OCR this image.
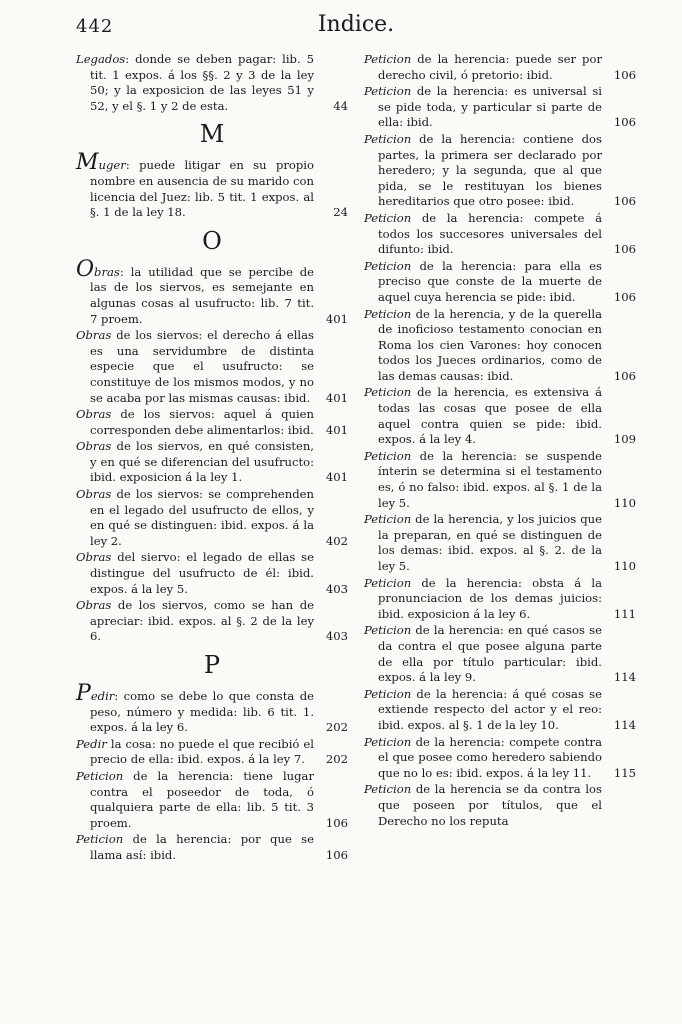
442	Indice.
Legados: donde se deben pagar: lib. 5 tit. 1 expos. á los §§. 2 y 3 de la ley 50; y la exposicion de las leyes 51 y 52, y el §. 1 y 2 de esta.	44
M
Muger: puede litigar en su propio nombre en ausencia de su marido con licencia del Juez: lib. 5 tit. 1 expos. al §. 1 de la ley 18.	24
O
Obras: la utilidad que se percibe de las de los siervos, es semejante en algunas cosas al usufructo: lib. 7 tit. 7 proem.	401
Obras de los siervos: el derecho á ellas es una servidumbre de distinta especie que el usufructo: se constituye de los mismos modos, y no se acaba por las mismas causas: ibid. 401
Obras de los siervos: aquel á quien corresponden debe alimentarlos: ibid. 401
Obras de los siervos, en qué consisten, y en qué se diferencian del usufructo: ibid. exposicion á la ley 1.	401
Obras de los siervos: se comprehenden en el legado del usufructo de ellos, y en qué se distinguen: ibid. expos. á la ley 2.	402
Obras del siervo: el legado de ellas se distingue del usufructo de él: ibid. expos. á la ley 5.	403
Obras de los siervos, como se han de apreciar: ibid. expos. al §. 2 de la ley 6.	403
P
Pedir: como se debe lo que consta de peso, número y medida: lib. 6 tit. 1. expos. á la ley 6.	202
Pedir la cosa: no puede el que recibió el precio de ella: ibid. expos. á la ley 7. 202
Peticion de la herencia: tiene lugar contra el poseedor de toda, ó qualquiera parte de ella: lib. 5 tit. 3 proem.	106
Peticion de la herencia: por que se llama así: ibid.	106
Peticion de la herencia: puede ser por derecho civil, ó pretorio: ibid.	106
Peticion de la herencia: es universal si se pide toda, y particular si parte de ella: ibid.	106
Peticion de la herencia: contiene dos partes, la primera ser declarado por heredero; y la segunda, que al que pida, se le restituyan los bienes hereditarios que otro posee: ibid.	106
Peticion de la herencia: compete á todos los succesores universales del difunto: ibid.	106
Peticion de la herencia: para ella es preciso que conste de la muerte de aquel cuya herencia se pide: ibid.	106
Peticion de la herencia, y de la querella de inoficioso testamento conocian en Roma los cien Varones: hoy conocen todos los Jueces ordinarios, como de las demas causas: ibid.	106
Peticion de la herencia, es extensiva á todas las cosas que posee de ella aquel contra quien se pide: ibid. expos. á la ley 4.	109
Peticion de la herencia: se suspende ínterin se determina si el testamento es, ó no falso: ibid. expos. al §. 1 de la ley 5.	110
Peticion de la herencia, y los juicios que la preparan, en qué se distinguen de los demas: ibid. expos. al §. 2. de la ley 5.	110
Peticion de la herencia: obsta á la pronunciacion de los demas juicios: ibid. exposicion á la ley 6.	111
Peticion de la herencia: en qué casos se da contra el que posee alguna parte de ella por título particular: ibid. expos. á la ley 9.	114
Peticion de la herencia: á qué cosas se extiende respecto del actor y el reo: ibid. expos. al §. 1 de la ley 10.	114
Peticion de la herencia: compete contra el que posee como heredero sabiendo que no lo es: ibid. expos. á la ley 11. 115
Peticion de la herencia se da contra los que poseen por títulos, que el Derecho no los reputa
